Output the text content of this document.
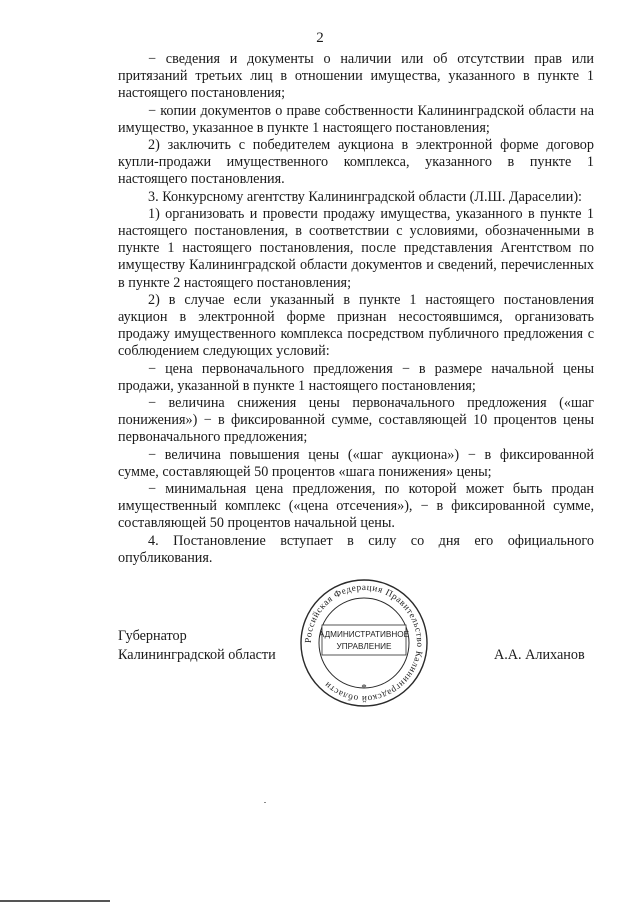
2

− сведения и документы о наличии или об отсутствии прав или притязаний третьих лиц в отношении имущества, указанного в пункте 1 настоящего постановления;

− копии документов о праве собственности Калининградской области на имущество, указанное в пункте 1 настоящего постановления;

2) заключить с победителем аукциона в электронной форме договор купли-продажи имущественного комплекса, указанного в пункте 1 настоящего постановления.

3. Конкурсному агентству Калининградской области (Л.Ш. Дараселии):

1) организовать и провести продажу имущества, указанного в пункте 1 настоящего постановления, в соответствии с условиями, обозначенными в пункте 1 настоящего постановления, после представления Агентством по имуществу Калининградской области документов и сведений, перечисленных в пункте 2 настоящего постановления;

2) в случае если указанный в пункте 1 настоящего постановления аукцион в электронной форме признан несостоявшимся, организовать продажу имущественного комплекса посредством публичного предложения с соблюдением следующих условий:

− цена первоначального предложения − в размере начальной цены продажи, указанной в пункте 1 настоящего постановления;

− величина снижения цены первоначального предложения («шаг понижения») − в фиксированной сумме, составляющей 10 процентов цены первоначального предложения;

− величина повышения цены («шаг аукциона») − в фиксированной сумме, составляющей 50 процентов «шага понижения» цены;

− минимальная цена предложения, по которой может быть продан имущественный комплекс («цена отсечения»), − в фиксированной сумме, составляющей 50 процентов начальной цены.

4. Постановление вступает в силу со дня его официального опубликования.

Губернатор
Калининградской области
Российская Федерация Правительство Калининградской области
АДМИНИСТРАТИВНОЕ
УПРАВЛЕНИЕ
*
А.А. Алиханов
